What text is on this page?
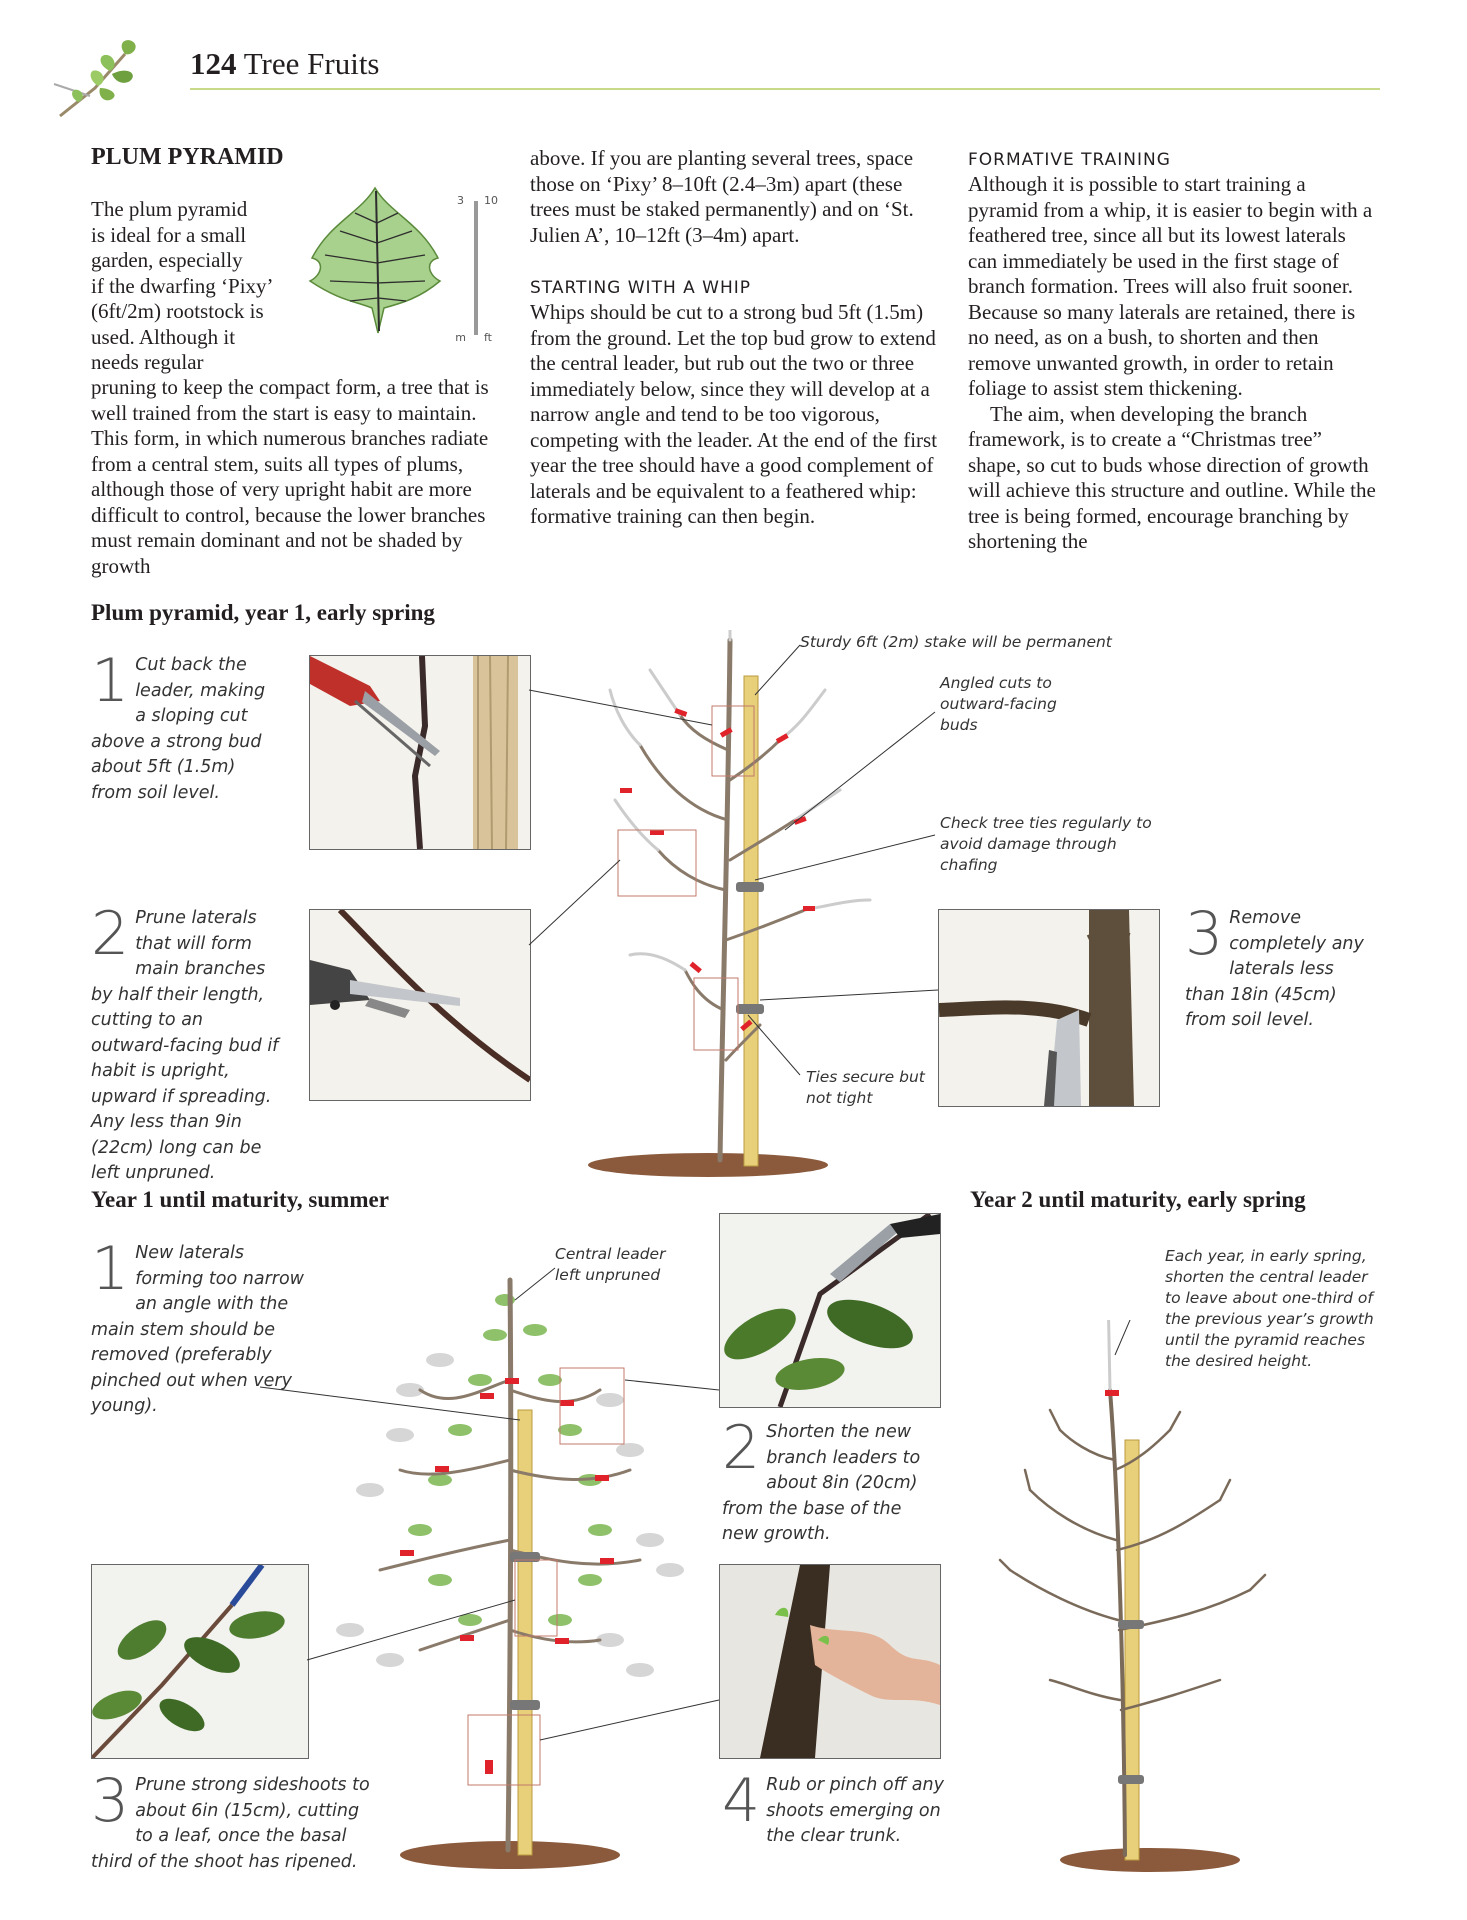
124 Tree Fruits
PLUM PYRAMID
The plum pyramid
is ideal for a small
garden, especially
if the dwarfing ‘Pixy’
(6ft/2m) rootstock is
used. Although it
needs regular
3 10
m ft
pruning to keep the compact form, a tree that is well trained from the start is easy to maintain. This form, in which numerous branches radiate from a central stem, suits all types of plums, although those of very upright habit are more difficult to control, because the lower branches must remain dominant and not be shaded by growth

above. If you are planting several trees, space those on ‘Pixy’ 8–10ft (2.4–3m) apart (these trees must be staked permanently) and on ‘St. Julien A’, 10–12ft (3–4m) apart.

STARTING WITH A WHIP

Whips should be cut to a strong bud 5ft (1.5m) from the ground. Let the top bud grow to extend the central leader, but rub out the two or three immediately below, since they will develop at a narrow angle and tend to be too vigorous, competing with the leader. At the end of the first year the tree should have a good complement of laterals and be equivalent to a feathered whip: formative training can then begin.

FORMATIVE TRAINING

Although it is possible to start training a pyramid from a whip, it is easier to begin with a feathered tree, since all but its lowest laterals can immediately be used in the first stage of branch formation. Trees will also fruit sooner. Because so many laterals are retained, there is no need, as on a bush, to shorten and then remove unwanted growth, in order to retain foliage to assist stem thickening.

The aim, when developing the branch framework, is to create a “Christmas tree” shape, so cut to buds whose direction of growth will achieve this structure and outline. While the tree is being formed, encourage branching by shortening the

Plum pyramid, year 1, early spring
1 Cut back the leader, making a sloping cut above a strong bud about 5ft (1.5m) from soil level.
2 Prune laterals that will form main branches by half their length, cutting to an outward-facing bud if habit is upright, upward if spreading. Any less than 9in (22cm) long can be left unpruned.
3 Remove completely any laterals less than 18in (45cm) from soil level.
Sturdy 6ft (2m) stake will be permanent
Angled cuts to outward-facing buds
Check tree ties regularly to avoid damage through chafing
Ties secure but not tight
Year 1 until maturity, summer	Year 2 until maturity, early spring
1 New laterals forming too narrow an angle with the main stem should be removed (preferably pinched out when very young).
Central leader left unpruned
2 Shorten the new branch leaders to about 8in (20cm) from the base of the new growth.
3 Prune strong sideshoots to about 6in (15cm), cutting to a leaf, once the basal third of the shoot has ripened.
4 Rub or pinch off any shoots emerging on the clear trunk.
Each year, in early spring, shorten the central leader to leave about one-third of the previous year’s growth until the pyramid reaches the desired height.
